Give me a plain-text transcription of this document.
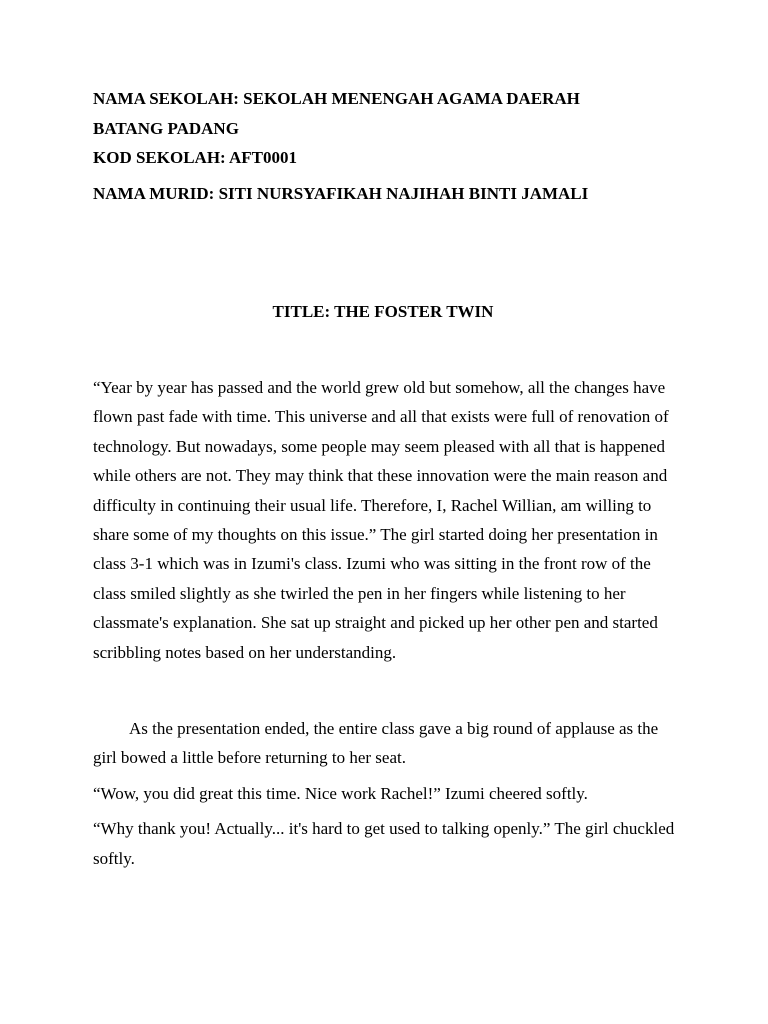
NAMA SEKOLAH: SEKOLAH MENENGAH AGAMA DAERAH

BATANG PADANG

KOD SEKOLAH: AFT0001

NAMA MURID: SITI NURSYAFIKAH NAJIHAH BINTI JAMALI

TITLE: THE FOSTER TWIN

“Year by year has passed and the world grew old but somehow, all the changes have flown past fade with time. This universe and all that exists were full of renovation of technology. But nowadays, some people may seem pleased with all that is happened while others are not. They may think that these innovation were the main reason and difficulty in continuing their usual life. Therefore, I, Rachel Willian, am willing to share some of my thoughts on this issue.” The girl started doing her presentation in class 3-1 which was in Izumi's class. Izumi who was sitting in the front row of the class smiled slightly as she twirled the pen in her fingers while listening to her classmate's explanation. She sat up straight and picked up her other pen and started scribbling notes based on her understanding.

As the presentation ended, the entire class gave a big round of applause as the girl bowed a little before returning to her seat.

“Wow, you did great this time. Nice work Rachel!” Izumi cheered softly.

“Why thank you! Actually... it's hard to get used to talking openly.” The girl chuckled softly.
